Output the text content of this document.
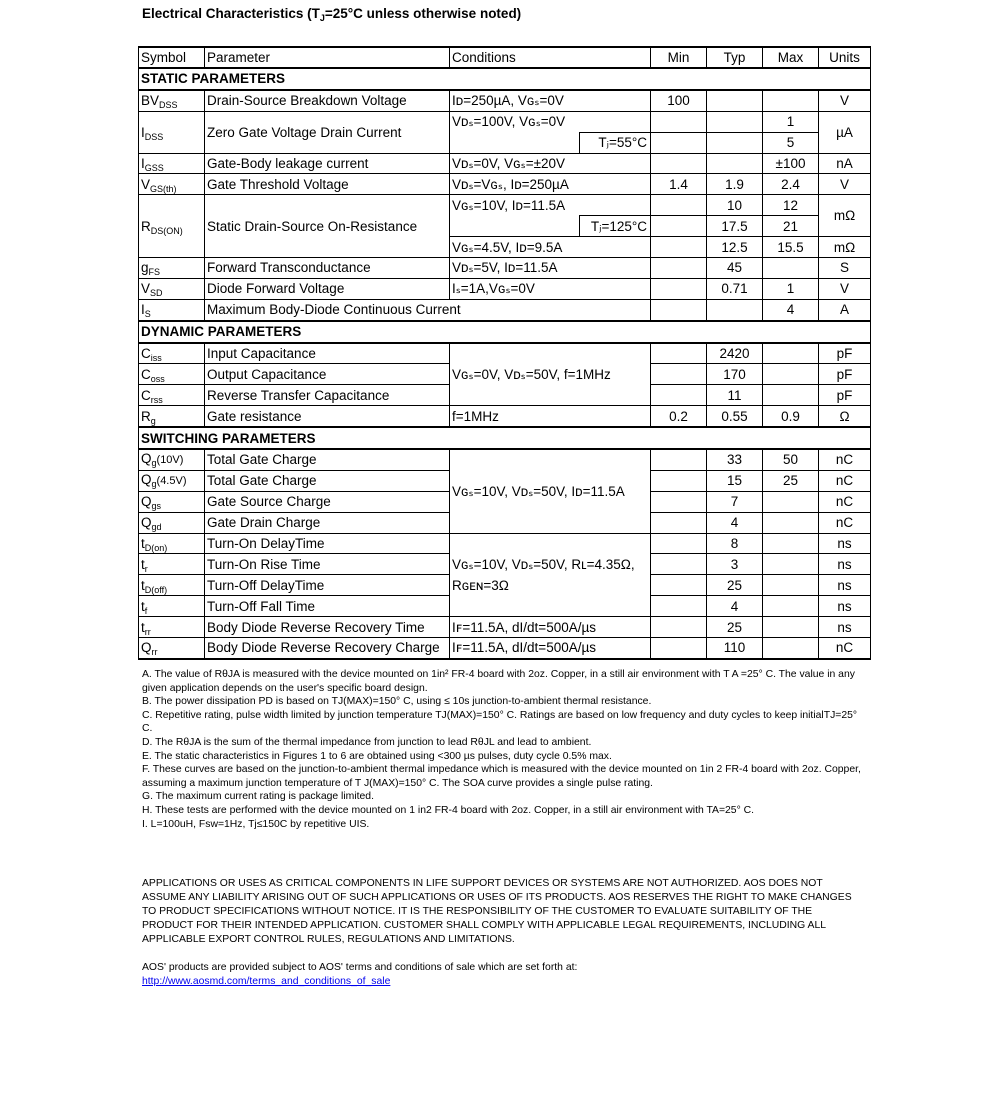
Electrical Characteristics ($T_J=25^\circ C$ unless otherwise noted)
Symbol	Parameter	Conditions		Min	Typ	Max	Units
STATIC PARAMETERS							
$BV_{DSS}$	Drain-Source Breakdown Voltage	Iᴅ=250µA, Vɢₛ=0V		100			V
$I_{DSS}$	Zero Gate Voltage Drain Current	Vᴅₛ=100V, Vɢₛ=0V				1	µA
			Tⱼ=55°C			5	
$I_{GSS}$	Gate-Body leakage current	Vᴅₛ=0V, Vɢₛ=±20V				±100	nA
$V_{GS(th)}$	Gate Threshold Voltage	Vᴅₛ=Vɢₛ, Iᴅ=250µA		1.4	1.9	2.4	V
$R_{DS(ON)}$	Static Drain-Source On-Resistance	Vɢₛ=10V, Iᴅ=11.5A			10	12	mΩ
			Tⱼ=125°C		17.5	21	
		Vɢₛ=4.5V, Iᴅ=9.5A			12.5	15.5	mΩ
$g_{FS}$	Forward Transconductance	Vᴅₛ=5V, Iᴅ=11.5A			45		S
$V_{SD}$	Diode Forward Voltage	Iₛ=1A,Vɢₛ=0V			0.71	1	V
$I_S$	Maximum Body-Diode Continuous Current					4	A
DYNAMIC PARAMETERS							
$C_{iss}$	Input Capacitance	Vɢₛ=0V, Vᴅₛ=50V, f=1MHz			2420		pF
$C_{oss}$	Output Capacitance				170		pF
$C_{rss}$	Reverse Transfer Capacitance				11		pF
$R_g$	Gate resistance	f=1MHz		0.2	0.55	0.9	Ω
SWITCHING PARAMETERS							
$Q_g(10V)$	Total Gate Charge	Vɢₛ=10V, Vᴅₛ=50V, Iᴅ=11.5A			33	50	nC
$Q_g(4.5V)$	Total Gate Charge				15	25	nC
$Q_{gs}$	Gate Source Charge				7		nC
$Q_{gd}$	Gate Drain Charge				4		nC
$t_{D(on)}$	Turn-On DelayTime	Vɢₛ=10V, Vᴅₛ=50V, Rʟ=4.35Ω,
Rɢᴇɴ=3Ω			8		ns
$t_r$	Turn-On Rise Time				3		ns
$t_{D(off)}$	Turn-Off DelayTime				25		ns
$t_f$	Turn-Off Fall Time				4		ns
$t_{rr}$	Body Diode Reverse Recovery Time	Iꜰ=11.5A, dI/dt=500A/µs			25		ns
$Q_{rr}$	Body Diode Reverse Recovery Charge	Iꜰ=11.5A, dI/dt=500A/µs			110		nC

A. The value of RθJA is measured with the device mounted on 1in² FR-4 board with 2oz. Copper, in a still air environment with T A =25° C. The value in any given application depends on the user's specific board design.

B. The power dissipation PD is based on TJ(MAX)=150° C, using ≤ 10s junction-to-ambient thermal resistance.

C. Repetitive rating, pulse width limited by junction temperature TJ(MAX)=150° C. Ratings are based on low frequency and duty cycles to keep initialTJ=25° C.

D. The RθJA is the sum of the thermal impedance from junction to lead RθJL and lead to ambient.

E. The static characteristics in Figures 1 to 6 are obtained using <300 µs pulses, duty cycle 0.5% max.

F. These curves are based on the junction-to-ambient thermal impedance which is measured with the device mounted on 1in 2 FR-4 board with 2oz. Copper, assuming a maximum junction temperature of T J(MAX)=150° C. The SOA curve provides a single pulse rating.

G. The maximum current rating is package limited.

H. These tests are performed with the device mounted on 1 in2 FR-4 board with 2oz. Copper, in a still air environment with TA=25° C.

I. L=100uH, Fsw=1Hz, Tj≤150C by repetitive UIS.

APPLICATIONS OR USES AS CRITICAL COMPONENTS IN LIFE SUPPORT DEVICES OR SYSTEMS ARE NOT AUTHORIZED. AOS DOES NOT ASSUME ANY LIABILITY ARISING OUT OF SUCH APPLICATIONS OR USES OF ITS PRODUCTS. AOS RESERVES THE RIGHT TO MAKE CHANGES TO PRODUCT SPECIFICATIONS WITHOUT NOTICE. IT IS THE RESPONSIBILITY OF THE CUSTOMER TO EVALUATE SUITABILITY OF THE PRODUCT FOR THEIR INTENDED APPLICATION. CUSTOMER SHALL COMPLY WITH APPLICABLE LEGAL REQUIREMENTS, INCLUDING ALL APPLICABLE EXPORT CONTROL RULES, REGULATIONS AND LIMITATIONS.

AOS' products are provided subject to AOS' terms and conditions of sale which are set forth at:
http://www.aosmd.com/terms_and_conditions_of_sale
